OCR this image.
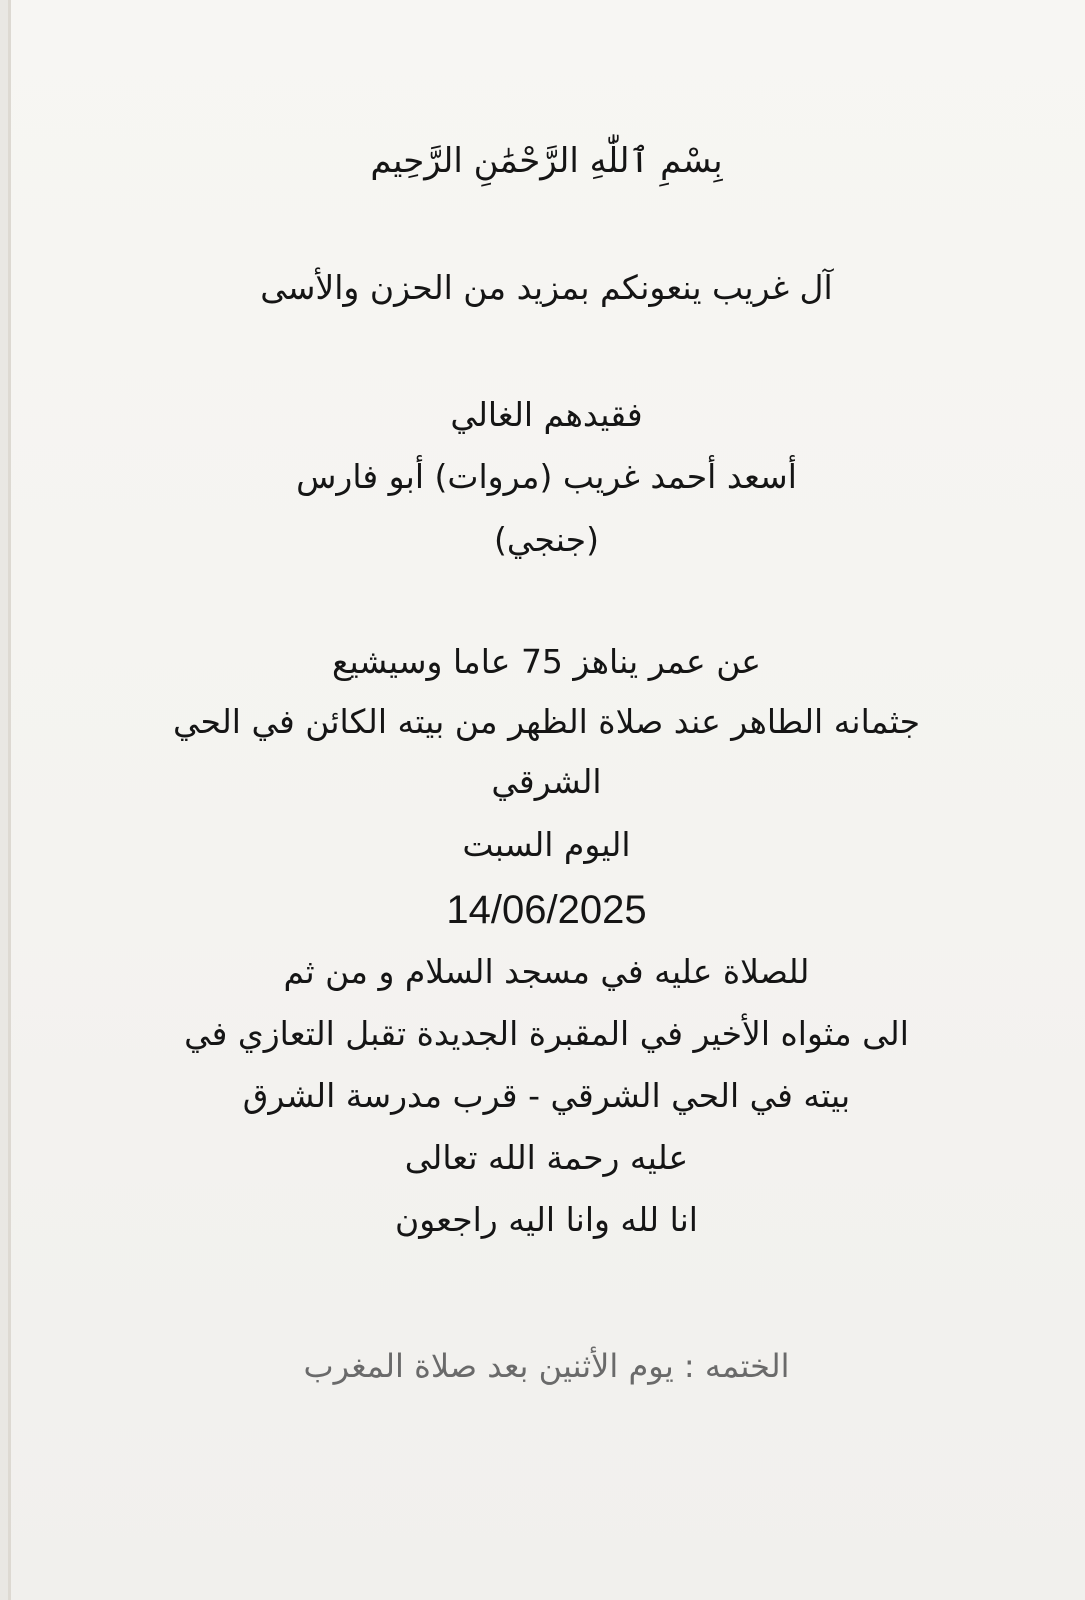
بِسْمِ ٱللّٰهِ الرَّحْمَٰنِ الرَّحِيم
آل غريب ينعونكم بمزيد من الحزن والأسى
فقيدهم الغالي
أسعد أحمد غريب (مروات) أبو فارس
(جنجي)
عن عمر يناهز 75 عاما وسيشيع
جثمانه الطاهر عند صلاة الظهر من بيته الكائن في الحي
الشرقي
اليوم السبت
14/06/2025
للصلاة عليه في مسجد السلام و من ثم
الى مثواه الأخير في المقبرة الجديدة تقبل التعازي في
بيته في الحي الشرقي - قرب مدرسة الشرق
عليه رحمة الله تعالى
انا لله وانا اليه راجعون
الختمه : يوم الأثنين بعد صلاة المغرب
